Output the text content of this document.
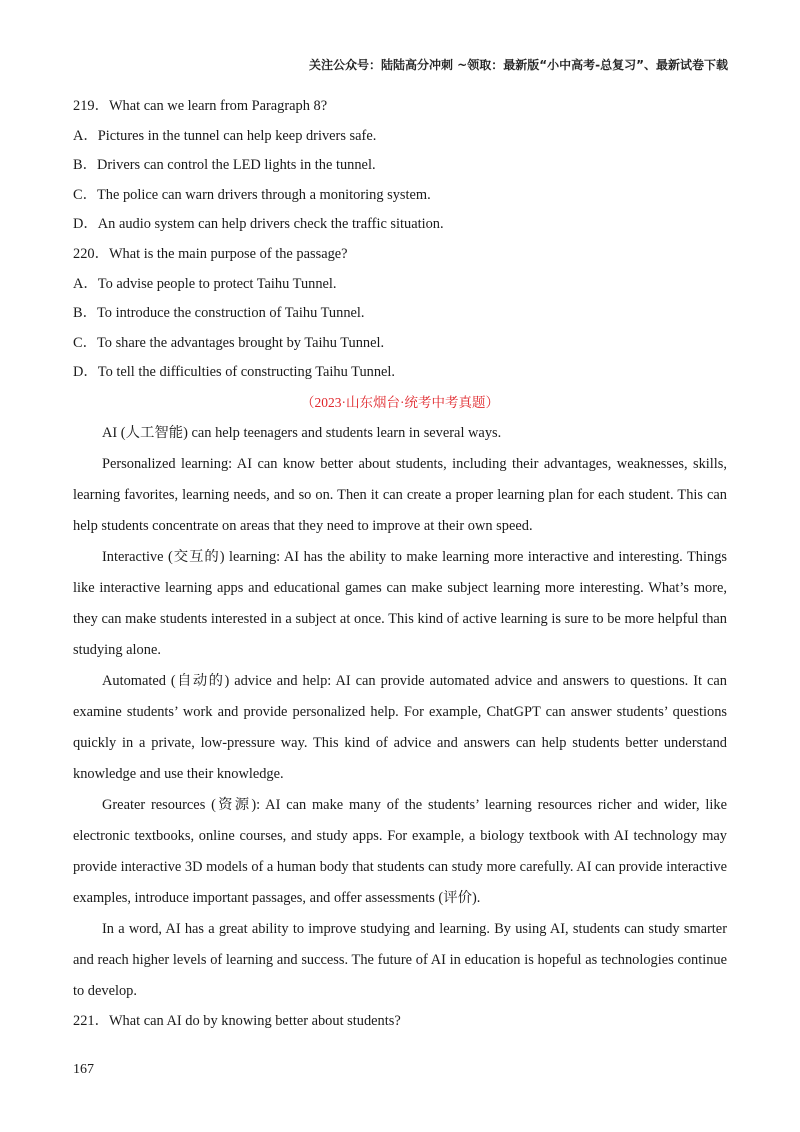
关注公众号：陆陆高分冲刺 ~领取：最新版“小中高考-总复习”、最新试卷下载
219．What can we learn from Paragraph 8?
A．Pictures in the tunnel can help keep drivers safe.
B．Drivers can control the LED lights in the tunnel.
C．The police can warn drivers through a monitoring system.
D．An audio system can help drivers check the traffic situation.
220．What is the main purpose of the passage?
A．To advise people to protect Taihu Tunnel.
B．To introduce the construction of Taihu Tunnel.
C．To share the advantages brought by Taihu Tunnel.
D．To tell the difficulties of constructing Taihu Tunnel.
（2023·山东烟台·统考中考真题）
AI (人工智能) can help teenagers and students learn in several ways.

Personalized learning: AI can know better about students, including their advantages, weaknesses, skills, learning favorites, learning needs, and so on. Then it can create a proper learning plan for each student. This can help students concentrate on areas that they need to improve at their own speed.

Interactive (交互的) learning: AI has the ability to make learning more interactive and interesting. Things like interactive learning apps and educational games can make subject learning more interesting. What’s more, they can make students interested in a subject at once. This kind of active learning is sure to be more helpful than studying alone.

Automated (自动的) advice and help: AI can provide automated advice and answers to questions. It can examine students’ work and provide personalized help. For example, ChatGPT can answer students’ questions quickly in a private, low-pressure way. This kind of advice and answers can help students better understand knowledge and use their knowledge.

Greater resources (资源): AI can make many of the students’ learning resources richer and wider, like electronic textbooks, online courses, and study apps. For example, a biology textbook with AI technology may provide interactive 3D models of a human body that students can study more carefully. AI can provide interactive examples, introduce important passages, and offer assessments (评价).

In a word, AI has a great ability to improve studying and learning. By using AI, students can study smarter and reach higher levels of learning and success. The future of AI in education is hopeful as technologies continue to develop.

221．What can AI do by knowing better about students?
167
